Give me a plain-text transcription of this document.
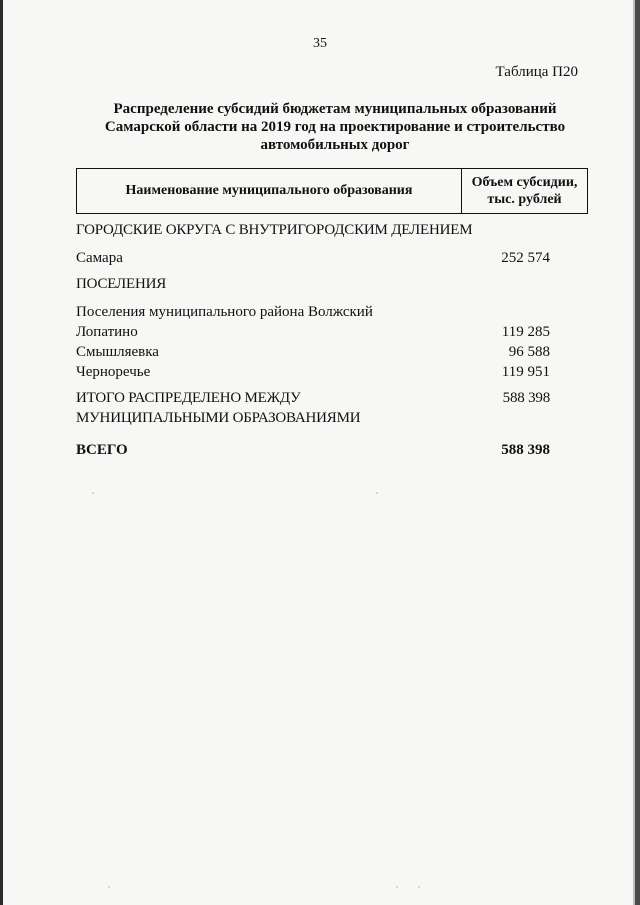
35
Таблица П20
Распределение субсидий бюджетам муниципальных образований
Самарской области на 2019 год на проектирование и строительство
автомобильных дорог
Наименование муниципального образования
Объем субсидии,
тыс. рублей
ГОРОДСКИЕ ОКРУГА С ВНУТРИГОРОДСКИМ ДЕЛЕНИЕМ
Самара	252 574
ПОСЕЛЕНИЯ
Поселения муниципального района Волжский
Лопатино	119 285
Смышляевка	96 588
Черноречье	119 951
ИТОГО РАСПРЕДЕЛЕНО МЕЖДУ	588 398
МУНИЦИПАЛЬНЫМИ ОБРАЗОВАНИЯМИ
ВСЕГО	588 398
